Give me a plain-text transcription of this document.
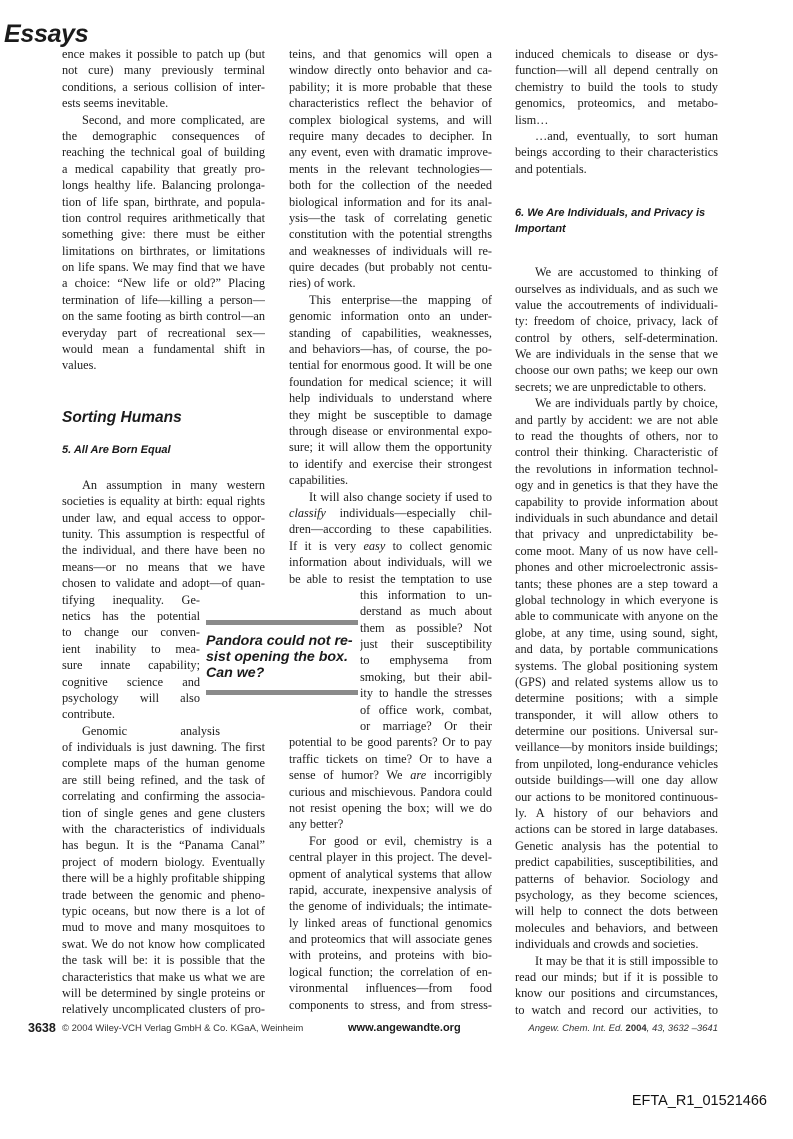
Essays
ence makes it possible to patch up (but
not cure) many previously terminal
conditions, a serious collision of inter-
ests seems inevitable.
Second, and more complicated, are
the demographic consequences of
reaching the technical goal of building
a medical capability that greatly pro-
longs healthy life. Balancing prolonga-
tion of life span, birthrate, and popula-
tion control requires arithmetically that
something give: there must be either
limitations on birthrates, or limitations
on life spans. We may find that we have
a choice: “New life or old?” Placing
termination of life—killing a person—
on the same footing as birth control—an
everyday part of recreational sex—
would mean a fundamental shift in
values.
Sorting Humans
5. All Are Born Equal
An assumption in many western
societies is equality at birth: equal rights
under law, and equal access to oppor-
tunity. This assumption is respectful of
the individual, and there have been no
means—or no means that we have
chosen to validate and adopt—of quan-
tifying inequality. Ge-
netics has the potential
to change our conven-
ient inability to mea-
sure innate capability;
cognitive science and
psychology will also
contribute.
Genomic analysis
of individuals is just dawning. The first
complete maps of the human genome
are still being refined, and the task of
correlating and confirming the associa-
tion of single genes and gene clusters
with the characteristics of individuals
has begun. It is the “Panama Canal”
project of modern biology. Eventually
there will be a highly profitable shipping
trade between the genomic and pheno-
typic oceans, but now there is a lot of
mud to move and many mosquitoes to
swat. We do not know how complicated
the task will be: it is possible that the
characteristics that make us what we are
will be determined by single proteins or
relatively uncomplicated clusters of pro-
teins, and that genomics will open a
window directly onto behavior and ca-
pability; it is more probable that these
characteristics reflect the behavior of
complex biological systems, and will
require many decades to decipher. In
any event, even with dramatic improve-
ments in the relevant technologies—
both for the collection of the needed
biological information and for its anal-
ysis—the task of correlating genetic
constitution with the potential strengths
and weaknesses of individuals will re-
quire decades (but probably not centu-
ries) of work.
This enterprise—the mapping of
genomic information onto an under-
standing of capabilities, weaknesses,
and behaviors—has, of course, the po-
tential for enormous good. It will be one
foundation for medical science; it will
help individuals to understand where
they might be susceptible to damage
through disease or environmental expo-
sure; it will allow them the opportunity
to identify and exercise their strongest
capabilities.
It will also change society if used to
classify individuals—especially chil-
dren—according to these capabilities.
If it is very easy to collect genomic
information about individuals, will we
be able to resist the temptation to use
this information to un-
derstand as much about
them as possible? Not
just their susceptibility
to emphysema from
smoking, but their abil-
ity to handle the stresses
of office work, combat,
or marriage? Or their
potential to be good parents? Or to pay
traffic tickets on time? Or to have a
sense of humor? We are incorrigibly
curious and mischievous. Pandora could
not resist opening the box; will we do
any better?
For good or evil, chemistry is a
central player in this project. The devel-
opment of analytical systems that allow
rapid, accurate, inexpensive analysis of
the genome of individuals; the intimate-
ly linked areas of functional genomics
and proteomics that will associate genes
with proteins, and proteins with bio-
logical function; the correlation of en-
vironmental influences—from food
components to stress, and from stress-
induced chemicals to disease or dys-
function—will all depend centrally on
chemistry to build the tools to study
genomics, proteomics, and metabo-
lism…
…and, eventually, to sort human
beings according to their characteristics
and potentials.
6. We Are Individuals, and Privacy is Important
We are accustomed to thinking of
ourselves as individuals, and as such we
value the accoutrements of individuali-
ty: freedom of choice, privacy, lack of
control by others, self-determination.
We are individuals in the sense that we
choose our own paths; we keep our own
secrets; we are unpredictable to others.
We are individuals partly by choice,
and partly by accident: we are not able
to read the thoughts of others, nor to
control their thinking. Characteristic of
the revolutions in information technol-
ogy and in genetics is that they have the
capability to provide information about
individuals in such abundance and detail
that privacy and unpredictability be-
come moot. Many of us now have cell-
phones and other microelectronic assis-
tants; these phones are a step toward a
global technology in which everyone is
able to communicate with anyone on the
globe, at any time, using sound, sight,
and data, by portable communications
systems. The global positioning system
(GPS) and related systems allow us to
determine positions; with a simple
transponder, it will allow others to
determine our positions. Universal sur-
veillance—by monitors inside buildings;
from unpiloted, long-endurance vehicles
outside buildings—will one day allow
our actions to be monitored continuous-
ly. A history of our behaviors and
actions can be stored in large databases.
Genetic analysis has the potential to
predict capabilities, susceptibilities, and
patterns of behavior. Sociology and
psychology, as they become sciences,
will help to connect the dots between
molecules and behaviors, and between
individuals and crowds and societies.
It may be that it is still impossible to
read our minds; but if it is possible to
know our positions and circumstances,
to watch and record our activities, to
Pandora could not re-sist opening the box. Can we?
3638 © 2004 Wiley-VCH Verlag GmbH & Co. KGaA, Weinheim	www.angewandte.org	Angew. Chem. Int. Ed. 2004, 43, 3632 –3641
EFTA_R1_01521466
